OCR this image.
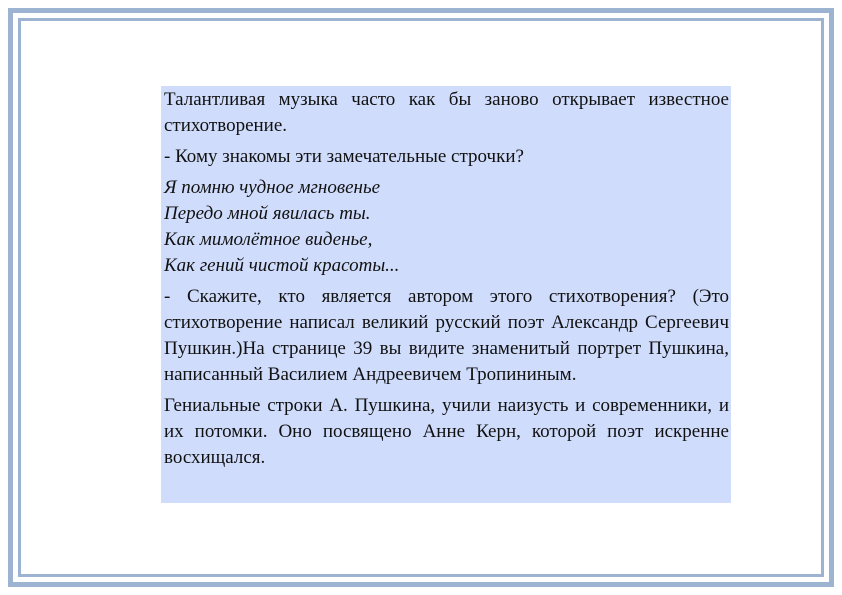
Талантливая музыка часто как бы заново открывает известное стихотворение.

- Кому знакомы эти замечательные строчки?

Я помню чудное мгновенье
Передо мной явилась ты.
Как мимолётное виденье,
Как гений чистой красоты...

- Скажите, кто является автором этого стихотворения? (Это стихотворение написал великий русский поэт Александр Сергеевич Пушкин.)На странице 39 вы видите знаменитый портрет Пушкина, написанный Василием Андреевичем Тропининым.

Гениальные строки А. Пушкина, учили наизусть и современники, и их потомки. Оно посвящено Анне Керн, которой поэт искренне восхищался.
